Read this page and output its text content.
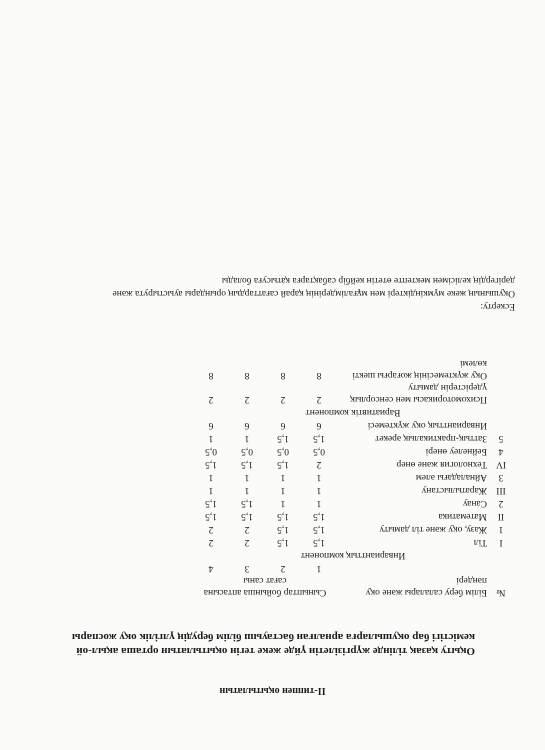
ІІ-типпен оқытылатын
Оқыту қазақ тілінде жүргізілетін үйде жеке тегін оқытылатын орташа ақыл-ой кемістігі бар оқушыларға арналған бастауыш білім берудің үлгілік оқу жоспары
№	Білім беру салалары және оқу пәндері	Сыныптар бойынша аптасына сағат саны			
		1	2	3	4
Инварианттық компонент					
I	Тіл	1,5	1,5	2	2
1	Жазу, оқу және тіл дамыту	1,5	1,5	2	2
II	Математика	1,5	1,5	1,5	1,5
2	Санау	1	1	1,5	1,5
III	Жаратылыстану	1	1	1	1
3	Айналадағы әлем	1	1	1	1
IV	Технология және өнер	2	1,5	1,5	1,5
4	Бейнелеу өнері	0,5	0,5	0,5	0,5
5	Заттық-практикалық әрекет	1,5	1,5	1	1
	Инварианттық оқу жүктемесі	6	6	6	6
Вариативтік компонент					
	Психомоторикасы мен сенсорлық үдерістерін дамыту	2	2	2	2
	Оқу жүктемесінің жоғарғы шекті көлемі	8	8	8	8

Ескерту:

Оқушының жеке мүмкіндіктері мен мұғалімдерінің қарай сағаттардың орындары ауыстырута және дәрігердің келісімен мектепте өтетін кейбір сабақтарға қатысуға болады
